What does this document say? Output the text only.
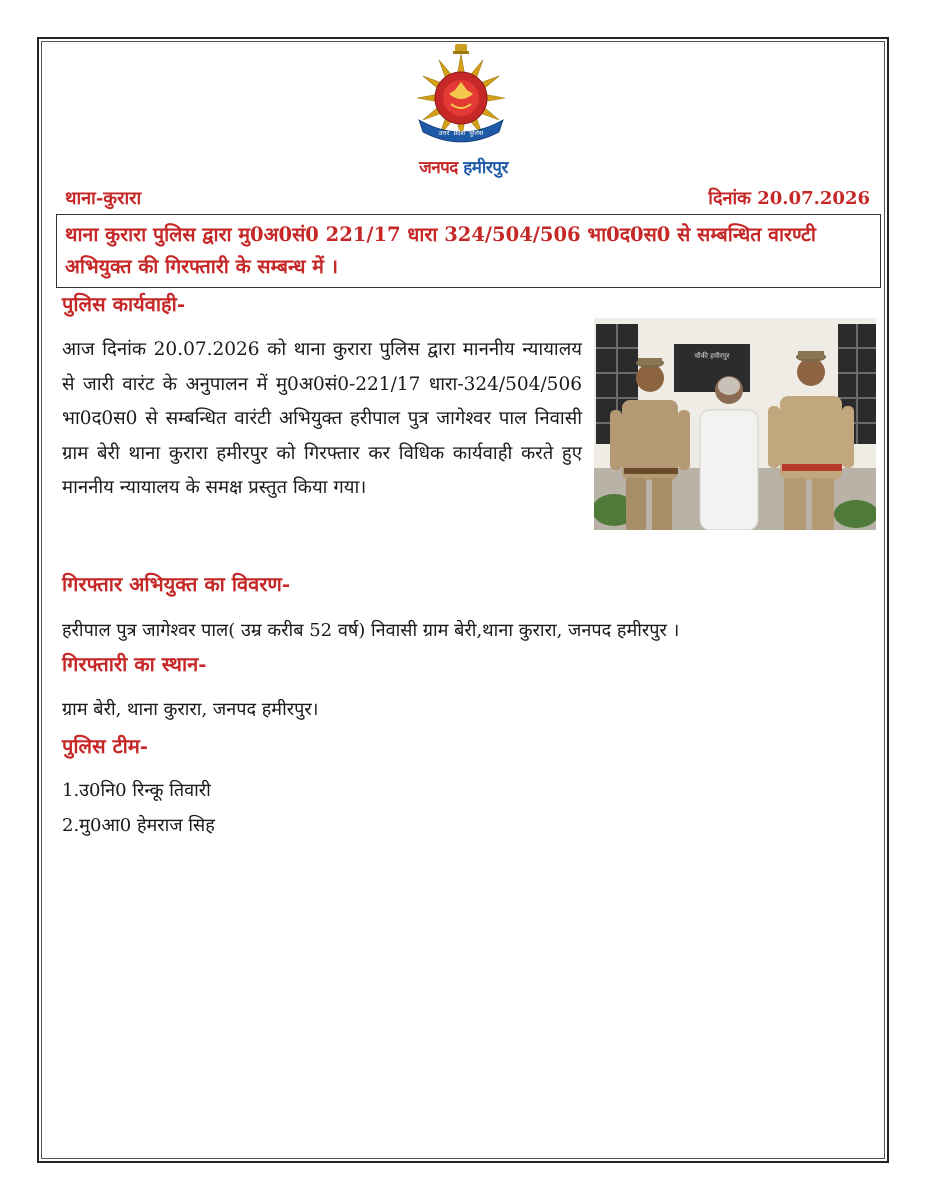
उत्तर प्रदेश पुलिस
जनपद हमीरपुर
थाना-कुरारा	दिनांक 20.07.2026
थाना कुरारा पुलिस द्वारा मु0अ0सं0 221/17 धारा 324/504/506 भा0द0स0 से सम्बन्धित वारण्टी अभियुक्त की गिरफ्तारी के सम्बन्ध में ।
पुलिस कार्यवाही-
आज दिनांक 20.07.2026 को थाना कुरारा पुलिस द्वारा माननीय न्यायालय से जारी वारंट के अनुपालन में मु0अ0सं0-221/17 धारा-324/504/506 भा0द0स0 से सम्बन्धित वारंटी अभियुक्त हरीपाल पुत्र जागेश्वर पाल निवासी ग्राम बेरी थाना कुरारा हमीरपुर को गिरफ्तार कर विधिक कार्यवाही करते हुए माननीय न्यायालय के समक्ष प्रस्तुत किया गया।
चौकी हमीरपुर
गिरफ्तार अभियुक्त का विवरण-
हरीपाल पुत्र जागेश्वर पाल( उम्र करीब 52 वर्ष) निवासी ग्राम बेरी,थाना कुरारा, जनपद हमीरपुर ।
गिरफ्तारी का स्थान-
ग्राम बेरी, थाना कुरारा, जनपद हमीरपुर।
पुलिस टीम-
1.उ0नि0 रिन्कू तिवारी
2.मु0आ0 हेमराज सिह
